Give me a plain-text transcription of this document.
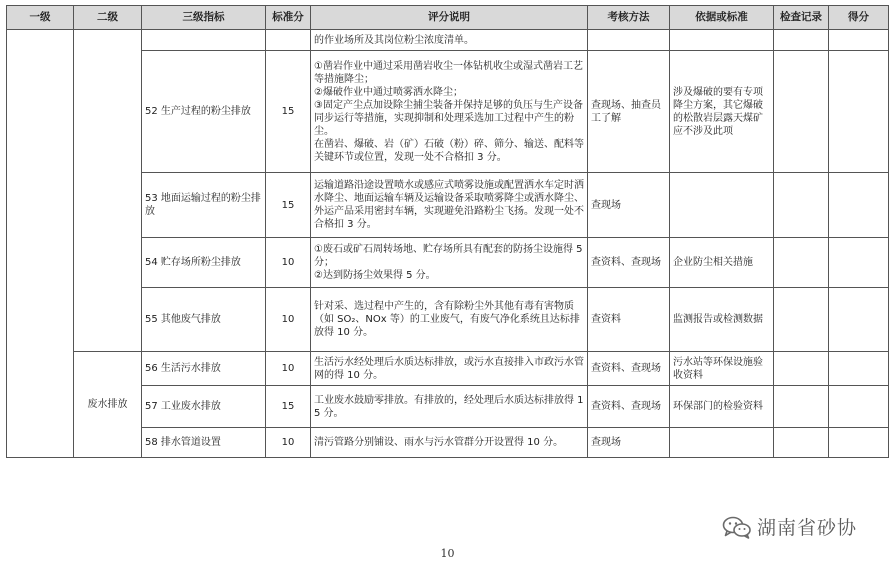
一级	二级	三级指标	标准分	评分说明	考核方法	依据或标准	检查记录	得分
				的作业场所及其岗位粉尘浓度清单。				
		52 生产过程的粉尘排放	15	①凿岩作业中通过采用凿岩收尘一体钻机收尘或湿式凿岩工艺等措施降尘；
②爆破作业中通过喷雾洒水降尘；
③固定产尘点加设除尘捕尘装备并保持足够的负压与生产设备同步运行等措施，实现抑制和处理采选加工过程中产生的粉尘。
在凿岩、爆破、岩（矿）石破（粉）碎、筛分、输送、配料等关键环节或位置，发现一处不合格扣 3 分。	查现场、抽查员工了解	涉及爆破的要有专项降尘方案，其它爆破的松散岩层露天煤矿应不涉及此项		
		53 地面运输过程的粉尘排放	15	运输道路沿途设置喷水或感应式喷雾设施或配置洒水车定时洒水降尘、地面运输车辆及运输设备采取喷雾降尘或洒水降尘、外运产品采用密封车辆，实现避免沿路粉尘飞扬。发现一处不合格扣 3 分。	查现场			
		54 贮存场所粉尘排放	10	①废石或矿石周转场地、贮存场所具有配套的防扬尘设施得 5 分；
②达到防扬尘效果得 5 分。	查资料、查现场	企业防尘相关措施		
		55 其他废气排放	10	针对采、选过程中产生的，含有除粉尘外其他有毒有害物质（如 SO₂、NOx 等）的工业废气，有废气净化系统且达标排放得 10 分。	查资料	监测报告或检测数据		
	废水排放	56 生活污水排放	10	生活污水经处理后水质达标排放，或污水直接排入市政污水管网的得 10 分。	查资料、查现场	污水站等环保设施验收资料		
		57 工业废水排放	15	工业废水鼓励零排放。有排放的，经处理后水质达标排放得 15 分。	查资料、查现场	环保部门的检验资料		
		58 排水管道设置	10	清污管路分别铺设、雨水与污水管群分开设置得 10 分。	查现场			
湖南省砂协
10
